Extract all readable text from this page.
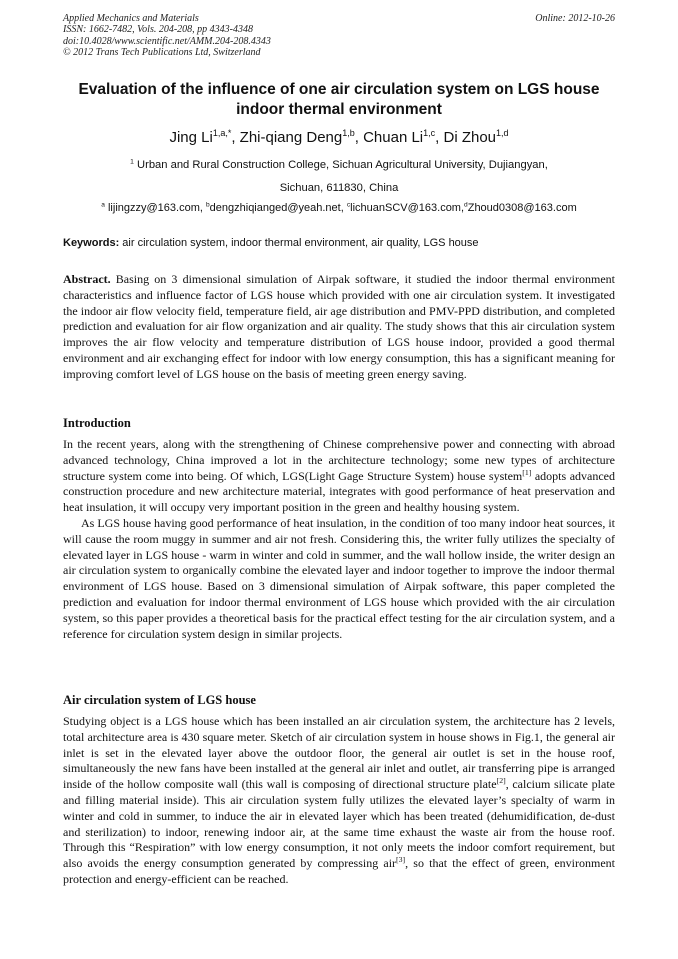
Applied Mechanics and Materials
ISSN: 1662-7482, Vols. 204-208, pp 4343-4348
doi:10.4028/www.scientific.net/AMM.204-208.4343
© 2012 Trans Tech Publications Ltd, Switzerland
Online: 2012-10-26
Evaluation of the influence of one air circulation system on LGS house
indoor thermal environment
Jing $Li^{1,a,*}$, Zhi-qiang Deng$^{1,b}$, Chuan Li$^{1,c}$, Di Zhou$^{1,d}$
$^1$ Urban and Rural Construction College, Sichuan Agricultural University, Dujiangyan,
Sichuan, 611830, China
$^a$ lijingzzy@163.com, $^b$dengzhiqianged@yeah.net, $^c$lichuanSCV@163.com,$^d$Zhoud0308@163.com
Keywords: air circulation system, indoor thermal environment, air quality, LGS house

Abstract. Basing on 3 dimensional simulation of Airpak software, it studied the indoor thermal environment characteristics and influence factor of LGS house which provided with one air circulation system. It investigated the indoor air flow velocity field, temperature field, air age distribution and PMV-PPD distribution, and completed prediction and evaluation for air flow organization and air quality. The study shows that this air circulation system improves the air flow velocity and temperature distribution of LGS house indoor, provided a good thermal environment and air exchanging effect for indoor with low energy consumption, this has a significant meaning for improving comfort level of LGS house on the basis of meeting green energy saving.

Introduction

In the recent years, along with the strengthening of Chinese comprehensive power and connecting with abroad advanced technology, China improved a lot in the architecture technology; some new types of architecture structure system come into being. Of which, LGS(Light Gage Structure System) house system[1] adopts advanced construction procedure and new architecture material, integrates with good performance of heat preservation and heat insulation, it will occupy very important position in the green and healthy housing system.

As LGS house having good performance of heat insulation, in the condition of too many indoor heat sources, it will cause the room muggy in summer and air not fresh. Considering this, the writer fully utilizes the specialty of elevated layer in LGS house - warm in winter and cold in summer, and the wall hollow inside, the writer design an air circulation system to organically combine the elevated layer and indoor together to improve the indoor thermal environment of LGS house. Based on 3 dimensional simulation of Airpak software, this paper completed the prediction and evaluation for indoor thermal environment of LGS house which provided with the air circulation system, so this paper provides a theoretical basis for the practical effect testing for the air circulation system, and a reference for circulation system design in similar projects.

Air circulation system of LGS house

Studying object is a LGS house which has been installed an air circulation system, the architecture has 2 levels, total architecture area is 430 square meter. Sketch of air circulation system in house shows in Fig.1, the general air inlet is set in the elevated layer above the outdoor floor, the general air outlet is set in the house roof, simultaneously the new fans have been installed at the general air inlet and outlet, air transferring pipe is arranged inside of the hollow composite wall (this wall is composing of directional structure plate[2], calcium silicate plate and filling material inside). This air circulation system fully utilizes the elevated layer’s specialty of warm in winter and cold in summer, to induce the air in elevated layer which has been treated (dehumidification, de-dust and sterilization) to indoor, renewing indoor air, at the same time exhaust the waste air from the house roof. Through this “Respiration” with low energy consumption, it not only meets the indoor comfort requirement, but also avoids the energy consumption generated by compressing air[3], so that the effect of green, environment protection and energy-efficient can be reached.
